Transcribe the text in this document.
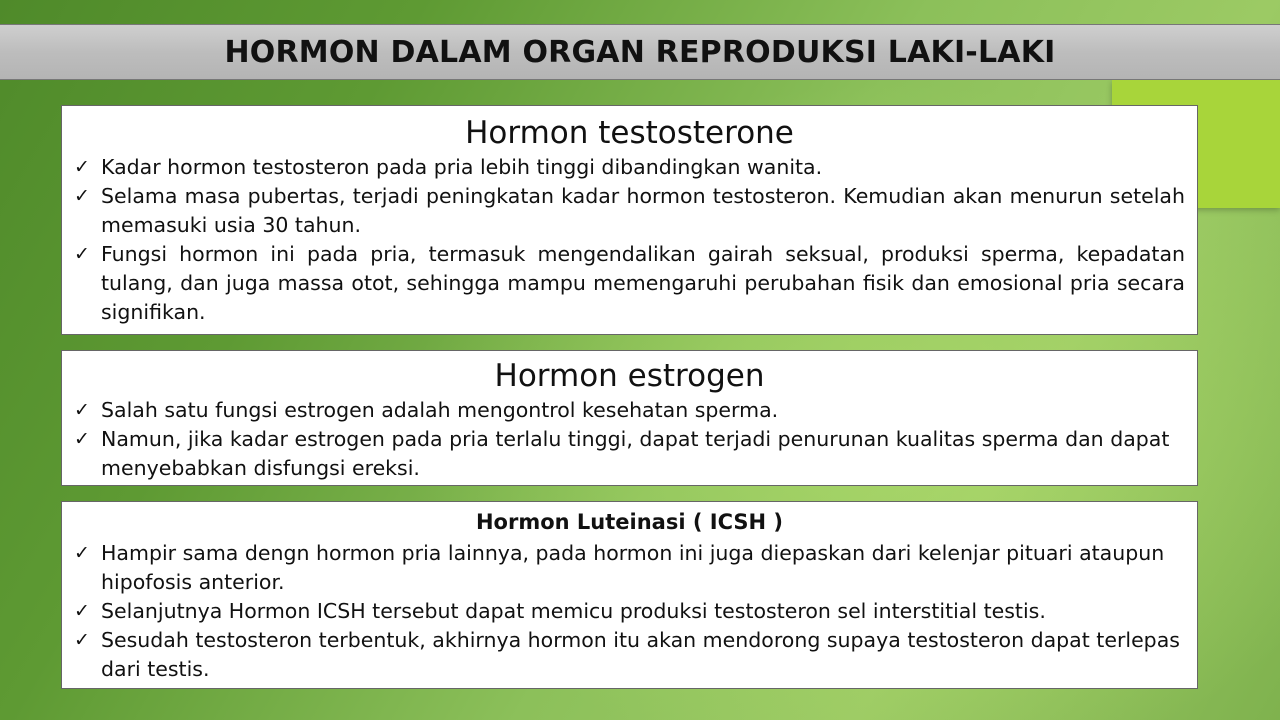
HORMON DALAM ORGAN REPRODUKSI LAKI-LAKI
Hormon testosterone
✓ Kadar hormon testosteron pada pria lebih tinggi dibandingkan wanita.
✓ Selama masa pubertas, terjadi peningkatan kadar hormon testosteron. Kemudian akan menurun setelah memasuki usia 30 tahun.
✓ Fungsi hormon ini pada pria, termasuk mengendalikan gairah seksual, produksi sperma, kepadatan tulang, dan juga massa otot, sehingga mampu memengaruhi perubahan fisik dan emosional pria secara signifikan.
Hormon estrogen
✓ Salah satu fungsi estrogen adalah mengontrol kesehatan sperma.
✓ Namun, jika kadar estrogen pada pria terlalu tinggi, dapat terjadi penurunan kualitas sperma dan dapat menyebabkan disfungsi ereksi.
Hormon Luteinasi ( ICSH )
✓ Hampir sama dengn hormon pria lainnya, pada hormon ini juga diepaskan dari kelenjar pituari ataupun hipofosis anterior.
✓ Selanjutnya Hormon ICSH tersebut dapat memicu produksi testosteron sel interstitial testis.
✓ Sesudah testosteron terbentuk, akhirnya hormon itu akan mendorong supaya testosteron dapat terlepas dari testis.
